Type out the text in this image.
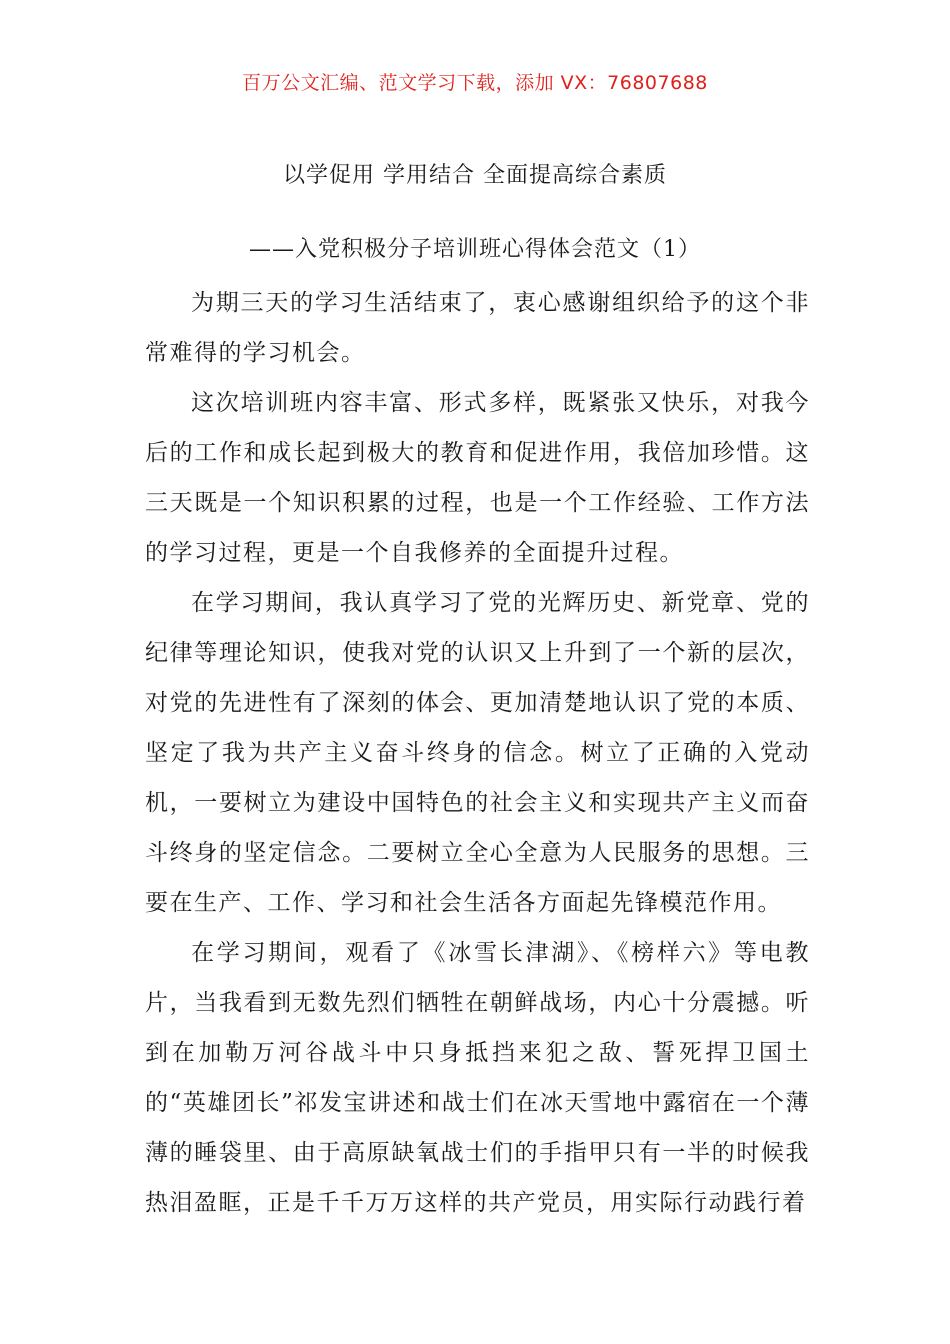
百万公文汇编、范文学习下载，添加 VX：76807688
以学促用 学用结合 全面提高综合素质
——入党积极分子培训班心得体会范文（1）

为期三天的学习生活结束了，衷心感谢组织给予的这个非常难得的学习机会。

这次培训班内容丰富、形式多样，既紧张又快乐，对我今后的工作和成长起到极大的教育和促进作用，我倍加珍惜。这三天既是一个知识积累的过程，也是一个工作经验、工作方法的学习过程，更是一个自我修养的全面提升过程。

在学习期间，我认真学习了党的光辉历史、新党章、党的纪律等理论知识，使我对党的认识又上升到了一个新的层次，对党的先进性有了深刻的体会、更加清楚地认识了党的本质、坚定了我为共产主义奋斗终身的信念。树立了正确的入党动机，一要树立为建设中国特色的社会主义和实现共产主义而奋斗终身的坚定信念。二要树立全心全意为人民服务的思想。三要在生产、工作、学习和社会生活各方面起先锋模范作用。

在学习期间，观看了《冰雪长津湖》、《榜样六》等电教片，当我看到无数先烈们牺牲在朝鲜战场，内心十分震撼。听到在加勒万河谷战斗中只身抵挡来犯之敌、誓死捍卫国土的“英雄团长”祁发宝讲述和战士们在冰天雪地中露宿在一个薄薄的睡袋里、由于高原缺氧战士们的手指甲只有一半的时候我热泪盈眶，正是千千万万这样的共产党员，用实际行动践行着
